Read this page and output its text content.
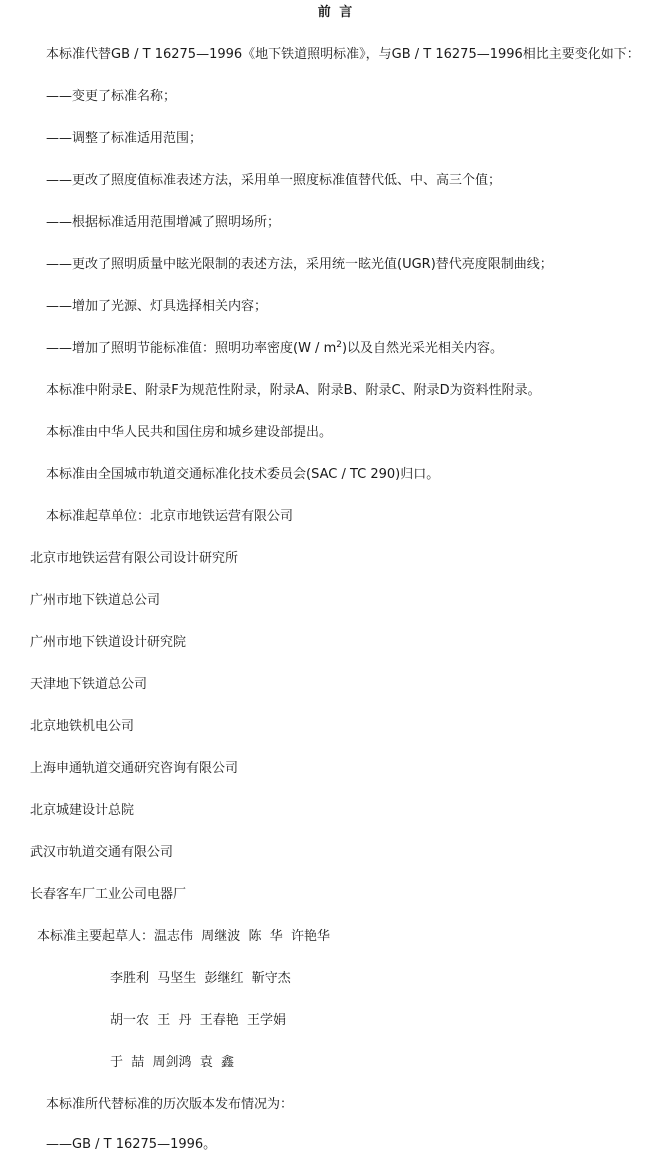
前 言
本标准代替GB / T 16275—1996《地下铁道照明标准》，与GB / T 16275—1996相比主要变化如下：
——变更了标准名称；
——调整了标准适用范围；
——更改了照度值标准表述方法，采用单一照度标准值替代低、中、高三个值；
——根据标准适用范围增减了照明场所；
——更改了照明质量中眩光限制的表述方法，采用统一眩光值(UGR)替代亮度限制曲线；
——增加了光源、灯具选择相关内容；
——增加了照明节能标准值：照明功率密度$(W / m^2)$以及自然光采光相关内容。
本标准中附录E、附录F为规范性附录，附录A、附录B、附录C、附录D为资料性附录。
本标准由中华人民共和国住房和城乡建设部提出。
本标准由全国城市轨道交通标准化技术委员会(SAC / TC 290)归口。
本标准起草单位：北京市地铁运营有限公司
北京市地铁运营有限公司设计研究所
广州市地下铁道总公司
广州市地下铁道设计研究院
天津地下铁道总公司
北京地铁机电公司
上海申通轨道交通研究咨询有限公司
北京城建设计总院
武汉市轨道交通有限公司
长春客车厂工业公司电器厂
本标准主要起草人：温志伟  周继波  陈  华  许艳华
李胜利  马坚生  彭继红  靳守杰
胡一农  王  丹  王春艳  王学娟
于  喆  周剑鸿  袁  鑫
本标准所代替标准的历次版本发布情况为：
——GB / T 16275—1996。
